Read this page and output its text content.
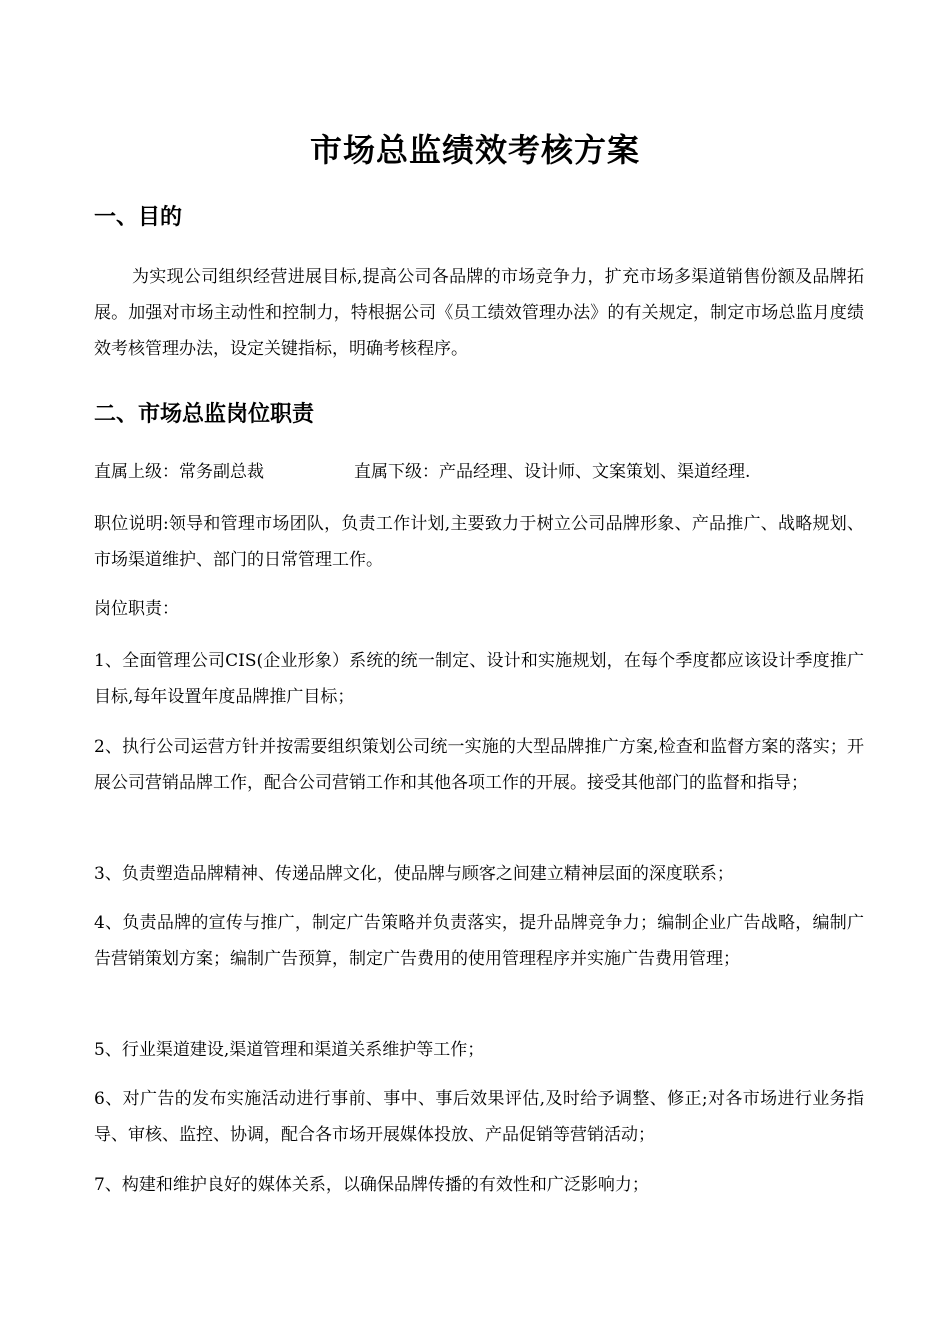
市场总监绩效考核方案
一、目的

为实现公司组织经营进展目标,提高公司各品牌的市场竞争力，扩充市场多渠道销售份额及品牌拓展。加强对市场主动性和控制力，特根据公司《员工绩效管理办法》的有关规定，制定市场总监月度绩效考核管理办法，设定关键指标，明确考核程序。

二、市场总监岗位职责
直属上级：常务副总裁	直属下级：产品经理、设计师、文案策划、渠道经理.

职位说明:领导和管理市场团队，负责工作计划,主要致力于树立公司品牌形象、产品推广、战略规划、市场渠道维护、部门的日常管理工作。

岗位职责：

1、全面管理公司CIS(企业形象）系统的统一制定、设计和实施规划，在每个季度都应该设计季度推广目标,每年设置年度品牌推广目标；

2、执行公司运营方针并按需要组织策划公司统一实施的大型品牌推广方案,检查和监督方案的落实；开展公司营销品牌工作，配合公司营销工作和其他各项工作的开展。接受其他部门的监督和指导；

3、负责塑造品牌精神、传递品牌文化，使品牌与顾客之间建立精神层面的深度联系；

4、负责品牌的宣传与推广，制定广告策略并负责落实，提升品牌竞争力；编制企业广告战略，编制广告营销策划方案；编制广告预算，制定广告费用的使用管理程序并实施广告费用管理；

5、行业渠道建设,渠道管理和渠道关系维护等工作；

6、对广告的发布实施活动进行事前、事中、事后效果评估,及时给予调整、修正;对各市场进行业务指导、审核、监控、协调，配合各市场开展媒体投放、产品促销等营销活动；

7、构建和维护良好的媒体关系，以确保品牌传播的有效性和广泛影响力；
